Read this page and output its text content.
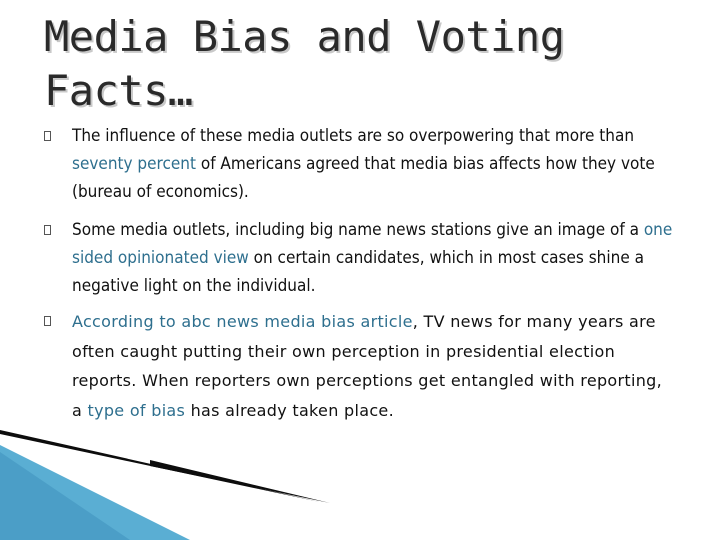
Media Bias and Voting
Facts…
The influence of these media outlets are so overpowering that more than seventy percent of Americans agreed that media bias affects how they vote (bureau of economics).
Some media outlets, including big name news stations give an image of a one sided opinionated view on certain candidates, which in most cases shine a negative light on the individual.
According to abc news media bias article, TV news for many years are often caught putting their own perception in presidential election reports. When reporters own perceptions get entangled with reporting, a type of bias has already taken place.
